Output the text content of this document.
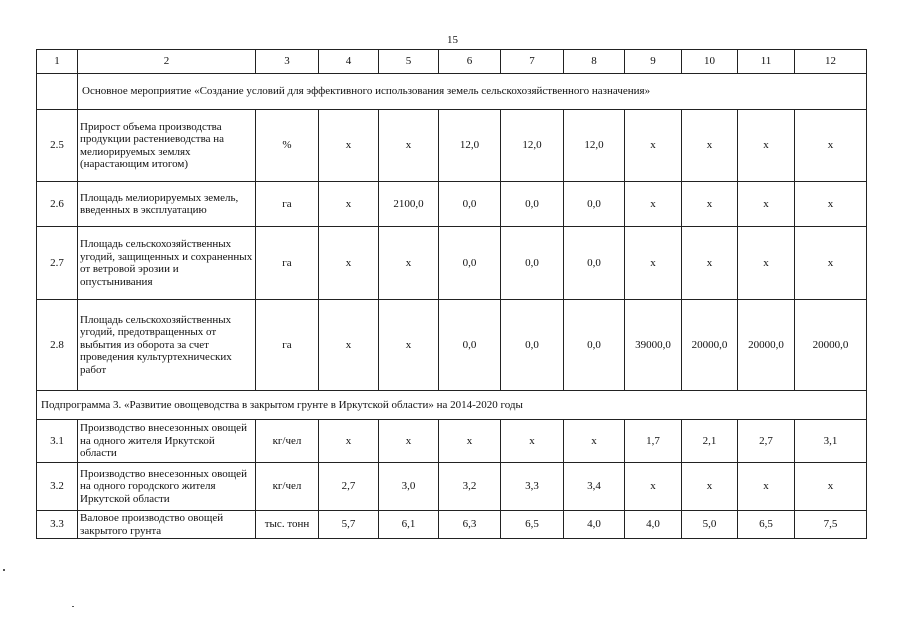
15
1	2	3	4	5	6	7	8	9	10	11	12
	Основное мероприятие «Создание условий для эффективного использования земель сельскохозяйственного назначения»										
2.5	Прирост объема производства продукции растениеводства на мелиорируемых землях (нарастающим итогом)	%	х	х	12,0	12,0	12,0	х	х	х	х
2.6	Площадь мелиорируемых земель, введенных в эксплуатацию	га	х	2100,0	0,0	0,0	0,0	х	х	х	х
2.7	Площадь сельскохозяйственных угодий, защищенных и сохраненных от ветровой эрозии и опустынивания	га	х	х	0,0	0,0	0,0	х	х	х	х
2.8	Площадь сельскохозяйственных угодий, предотвращенных от выбытия из оборота за счет проведения культуртехнических работ	га	х	х	0,0	0,0	0,0	39000,0	20000,0	20000,0	20000,0
Подпрограмма 3. «Развитие овощеводства в закрытом грунте в Иркутской области» на 2014-2020 годы											
3.1	Производство внесезонных овощей на одного жителя Иркутской области	кг/чел	х	х	х	х	х	1,7	2,1	2,7	3,1
3.2	Производство внесезонных овощей на одного городского жителя Иркутской области	кг/чел	2,7	3,0	3,2	3,3	3,4	х	х	х	х
3.3	Валовое производство овощей закрытого грунта	тыс. тонн	5,7	6,1	6,3	6,5	4,0	4,0	5,0	6,5	7,5
